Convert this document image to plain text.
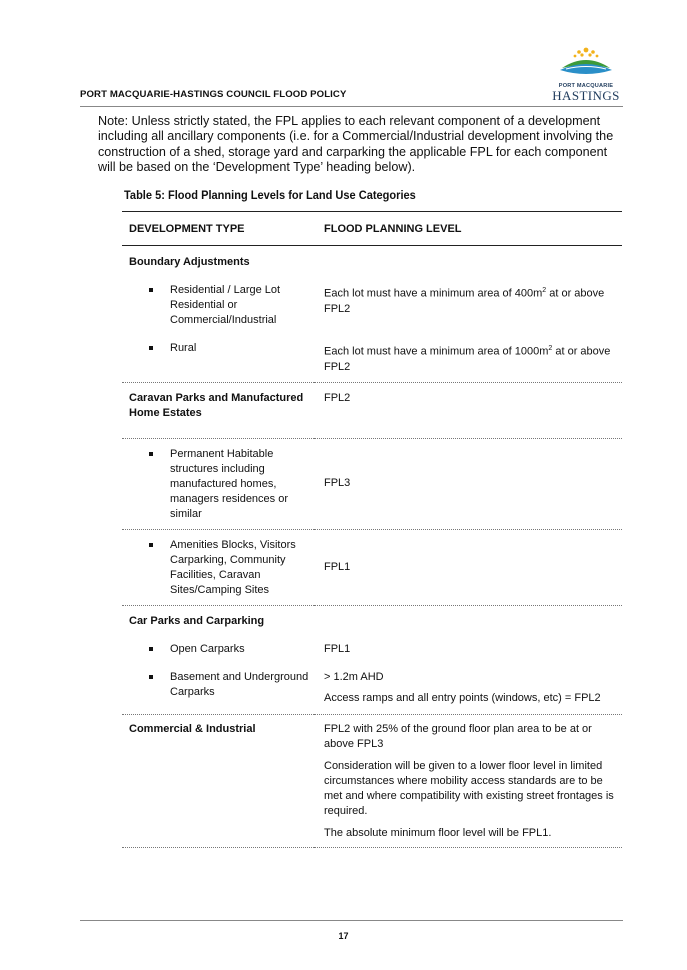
PORT MACQUARIE
HASTINGS
PORT MACQUARIE-HASTINGS COUNCIL FLOOD POLICY
Note: Unless strictly stated, the FPL applies to each relevant component of a development including all ancillary components (i.e. for a Commercial/Industrial development involving the construction of a shed, storage yard and carparking the applicable FPL for each component will be based on the ‘Development Type’ heading below).
Table 5: Flood Planning Levels for Land Use Categories
DEVELOPMENT TYPE	FLOOD PLANNING LEVEL
Boundary Adjustments	

Residential / Large Lot Residential or Commercial/Industrial	Each lot must have a minimum area of $400m^2$ at or above FPL2

Rural	Each lot must have a minimum area of $1000m^2$ at or above FPL2
Caravan Parks and Manufactured Home Estates	FPL2

Permanent Habitable structures including manufactured homes, managers residences or similar	FPL3

Amenities Blocks, Visitors Carparking, Community Facilities, Caravan Sites/Camping Sites	FPL1
Car Parks and Carparking	

Open Carparks	FPL1

Basement and Underground Carparks	> 1.2m AHD
Access ramps and all entry points (windows, etc) = FPL2

Commercial & Industrial	FPL2 with 25% of the ground floor plan area to be at or above FPL3
Consideration will be given to a lower floor level in limited circumstances where mobility access standards are to be met and where compatibility with existing street frontages is required.
The absolute minimum floor level will be FPL1.
17
